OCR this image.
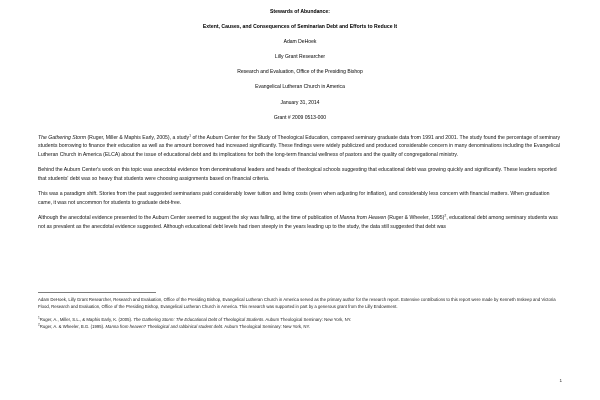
Stewards of Abundance:
Extent, Causes, and Consequences of Seminarian Debt and Efforts to Reduce It
Adam DeHoek
Lilly Grant Researcher
Research and Evaluation, Office of the Presiding Bishop
Evangelical Lutheran Church in America
January 31, 2014
Grant # 2009 0513-000

The Gathering Storm (Ruger, Miller & Maphis Early, 2005), a study$^1$ of the Auburn Center for the Study of Theological Education, compared seminary graduate data from 1991 and 2001. The study found the percentage of seminary students borrowing to finance their education as well as the amount borrowed had increased significantly. These findings were widely publicized and produced considerable concern in many denominations including the Evangelical Lutheran Church in America (ELCA) about the issue of educational debt and its implications for both the long-term financial wellness of pastors and the quality of congregational ministry.

Behind the Auburn Center's work on this topic was anecdotal evidence from denominational leaders and heads of theological schools suggesting that educational debt was growing quickly and significantly. These leaders reported that students' debt was so heavy that students were choosing assignments based on financial criteria.

This was a paradigm shift. Stories from the past suggested seminarians paid considerably lower tuition and living costs (even when adjusting for inflation), and considerably less concern with financial matters. When graduation came, it was not uncommon for students to graduate debt-free.

Although the anecdotal evidence presented to the Auburn Center seemed to suggest the sky was falling, at the time of publication of Manna from Heaven (Ruger & Wheeler, 1995)$^2$, educational debt among seminary students was not as prevalent as the anecdotal evidence suggested. Although educational debt levels had risen steeply in the years leading up to the study, the data still suggested that debt was

Adam DeHoek, Lilly Grant Researcher, Research and Evaluation, Office of the Presiding Bishop, Evangelical Lutheran Church in America served as the primary author for the research report. Extensive contributions to this report were made by Kenneth Inskeep and Victoria Flood, Research and Evaluation, Office of the Presiding Bishop, Evangelical Lutheran Church in America. This research was supported in part by a generous grant from the Lilly Endowment.
$^1$Ruger, A., Miller, S.L., & Maphis Early, K. (2005). The Gathering Storm: The Educational Debt of Theological Students. Auburn Theological Seminary: New York, NY.
$^2$Ruger, A. & Wheeler, B.G. (1995). Manna from heaven? Theological and rabbinical student debt. Auburn Theological Seminary: New York, NY.
1
